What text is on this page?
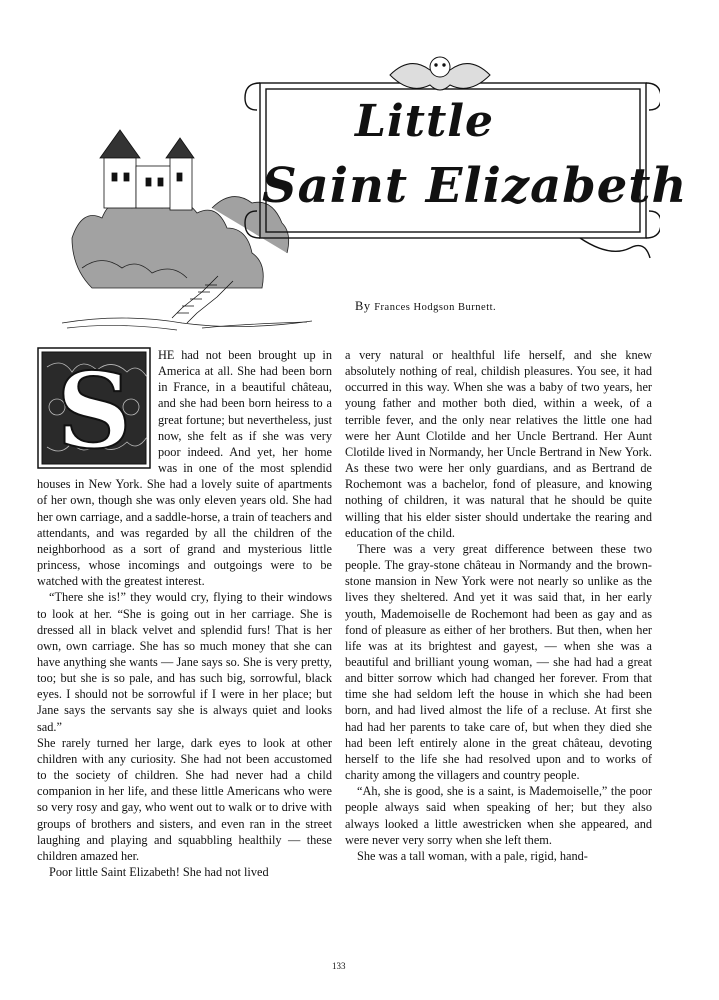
Little
Saint Elizabeth
By Frances Hodgson Burnett.
S	HE had not been brought up in America at all. She had been born in France, in a beautiful château, and she had been born heiress to a great fortune; but nevertheless, just now, she felt as if she was very poor indeed. And yet, her home was in one of the most splendid houses in New York. She had a lovely suite of apartments of her own, though she was only eleven years old. She had her own carriage, and a saddle-horse, a train of teachers and attendants, and was regarded by all the children of the neighborhood as a sort of grand and mysterious little princess, whose incomings and outgoings were to be watched with the greatest interest.

“There she is!” they would cry, flying to their windows to look at her. “She is going out in her carriage. She is dressed all in black velvet and splendid furs! That is her own, own carriage. She has so much money that she can have anything she wants — Jane says so. She is very pretty, too; but she is so pale, and has such big, sorrowful, black eyes. I should not be sorrowful if I were in her place; but Jane says the servants say she is always quiet and looks sad.”

She rarely turned her large, dark eyes to look at other children with any curiosity. She had not been accustomed to the society of children. She had never had a child companion in her life, and these little Americans who were so very rosy and gay, who went out to walk or to drive with groups of brothers and sisters, and even ran in the street laughing and playing and squabbling healthily — these children amazed her.

Poor little Saint Elizabeth! She had not lived

a very natural or healthful life herself, and she knew absolutely nothing of real, childish pleasures. You see, it had occurred in this way. When she was a baby of two years, her young father and mother both died, within a week, of a terrible fever, and the only near relatives the little one had were her Aunt Clotilde and her Uncle Bertrand. Her Aunt Clotilde lived in Normandy, her Uncle Bertrand in New York. As these two were her only guardians, and as Bertrand de Rochemont was a bachelor, fond of pleasure, and knowing nothing of children, it was natural that he should be quite willing that his elder sister should undertake the rearing and education of the child.

There was a very great difference between these two people. The gray-stone château in Normandy and the brown-stone mansion in New York were not nearly so unlike as the lives they sheltered. And yet it was said that, in her early youth, Mademoiselle de Rochemont had been as gay and as fond of pleasure as either of her brothers. But then, when her life was at its brightest and gayest, — when she was a beautiful and brilliant young woman, — she had had a great and bitter sorrow which had changed her forever. From that time she had seldom left the house in which she had been born, and had lived almost the life of a recluse. At first she had had her parents to take care of, but when they died she had been left entirely alone in the great château, devoting herself to the life she had resolved upon and to works of charity among the villagers and country people.

“Ah, she is good, she is a saint, is Mademoiselle,” the poor people always said when speaking of her; but they also always looked a little awestricken when she appeared, and were never very sorry when she left them.

She was a tall woman, with a pale, rigid, hand-

133
